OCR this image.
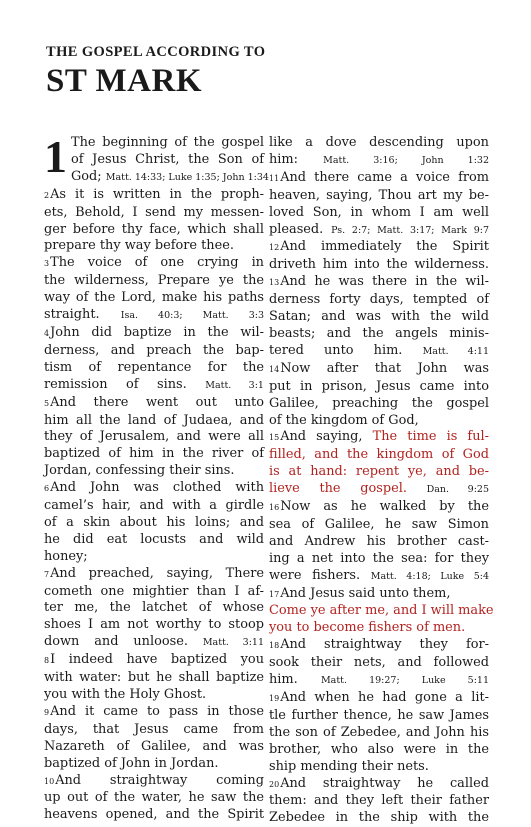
THE GOSPEL ACCORDING TO
ST MARK
1 The beginning of the gospel
of Jesus Christ, the Son of
God; Matt. 14:33; Luke 1:35; John 1:34
2As it is written in the proph-
ets, Behold, I send my messen-
ger before thy face, which shall
prepare thy way before thee.
3The voice of one crying in
the wilderness, Prepare ye the
way of the Lord, make his paths
straight. Isa. 40:3; Matt. 3:3
4John did baptize in the wil-
derness, and preach the bap-
tism of repentance for the
remission of sins. Matt. 3:1
5And there went out unto
him all the land of Judaea, and
they of Jerusalem, and were all
baptized of him in the river of
Jordan, confessing their sins.
6And John was clothed with
camel’s hair, and with a girdle
of a skin about his loins; and
he did eat locusts and wild
honey;
7And preached, saying, There
cometh one mightier than I af-
ter me, the latchet of whose
shoes I am not worthy to stoop
down and unloose. Matt. 3:11
8I indeed have baptized you
with water: but he shall baptize
you with the Holy Ghost.
9And it came to pass in those
days, that Jesus came from
Nazareth of Galilee, and was
baptized of John in Jordan.
10And straightway coming
up out of the water, he saw the
heavens opened, and the Spirit
like a dove descending upon
him:	Matt. 3:16; John 1:32
11And there came a voice from
heaven, saying, Thou art my be-
loved Son, in whom I am well
pleased. Ps. 2:7; Matt. 3:17; Mark 9:7
12And immediately the Spirit
driveth him into the wilderness.
13And he was there in the wil-
derness forty days, tempted of
Satan; and was with the wild
beasts; and the angels minis-
tered unto him. Matt. 4:11
14Now after that John was
put in prison, Jesus came into
Galilee, preaching the gospel
of the kingdom of God,
15And saying, The time is ful-
filled, and the kingdom of God
is at hand: repent ye, and be-
lieve the gospel. Dan. 9:25
16Now as he walked by the
sea of Galilee, he saw Simon
and Andrew his brother cast-
ing a net into the sea: for they
were fishers. Matt. 4:18; Luke 5:4
17And Jesus said unto them,
Come ye after me, and I will make
you to become fishers of men.
18And straightway they for-
sook their nets, and followed
him. Matt. 19:27; Luke 5:11
19And when he had gone a lit-
tle further thence, he saw James
the son of Zebedee, and John his
brother, who also were in the
ship mending their nets.
20And straightway he called
them: and they left their father
Zebedee in the ship with the
